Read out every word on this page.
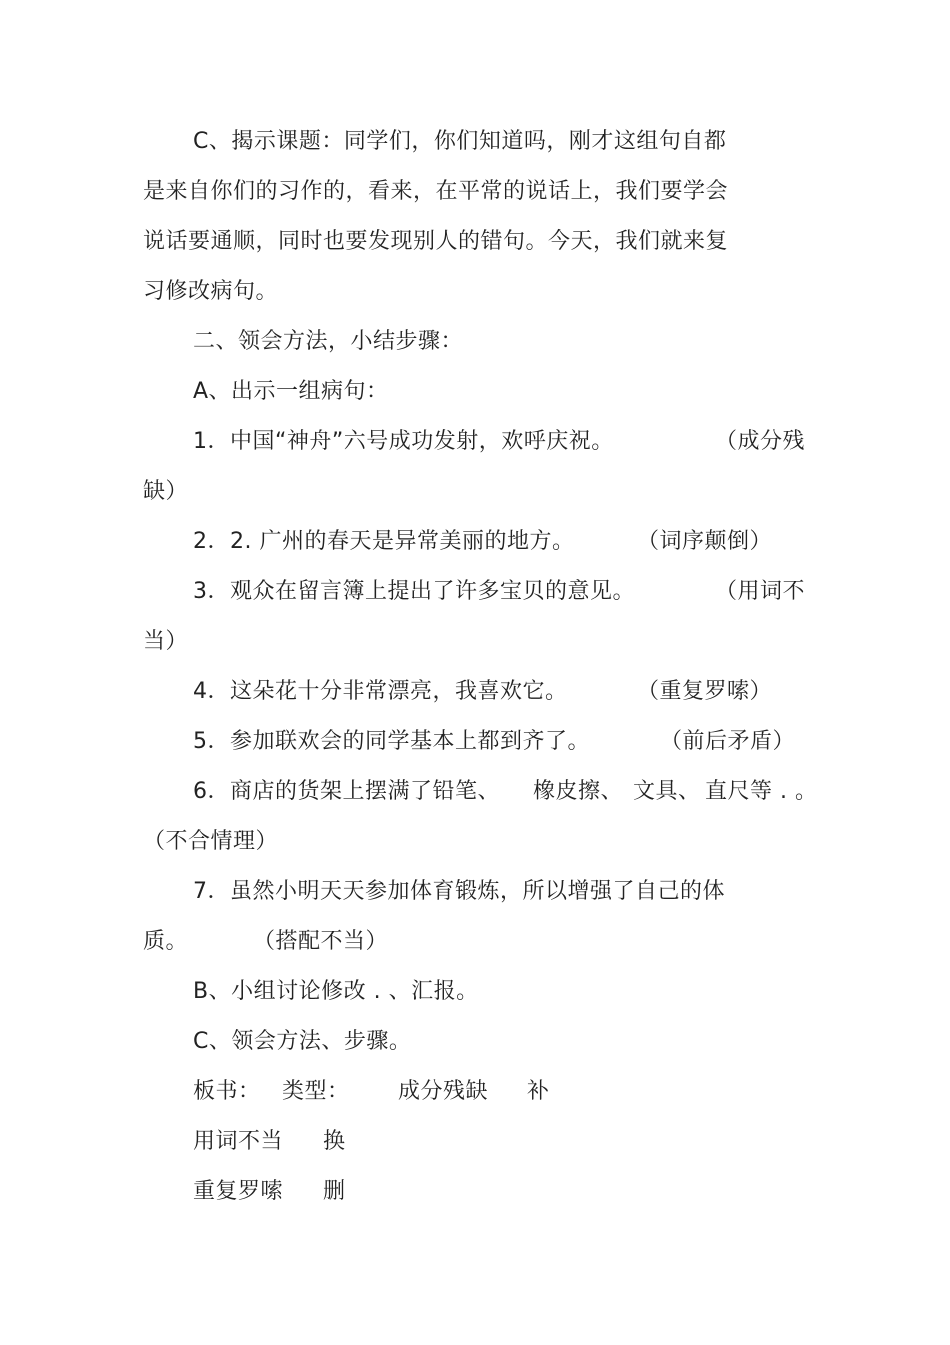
C、揭示课题：同学们，你们知道吗，刚才这组句自都
是来自你们的习作的，看来，在平常的说话上，我们要学会
说话要通顺，同时也要发现别人的错句。今天，我们就来复
习修改病句。
二、领会方法，小结步骤：
A、出示一组病句：
1．中国“神舟”六号成功发射，欢呼庆祝。	（成分残
缺）
2．2. 广州的春天是异常美丽的地方。	（词序颠倒）
3．观众在留言簿上提出了许多宝贝的意见。	（用词不
当）
4．这朵花十分非常漂亮，我喜欢它。	（重复罗嗦）
5．参加联欢会的同学基本上都到齐了。	（前后矛盾）
6．商店的货架上摆满了铅笔、 橡皮擦、 文具、 直尺等 . 。
（不合情理）
7．虽然小明天天参加体育锻炼，所以增强了自己的体
质。	（搭配不当）
B、小组讨论修改 . 、汇报。
C、领会方法、步骤。
板书： 类型： 成分残缺 补
用词不当 换
重复罗嗦 删
